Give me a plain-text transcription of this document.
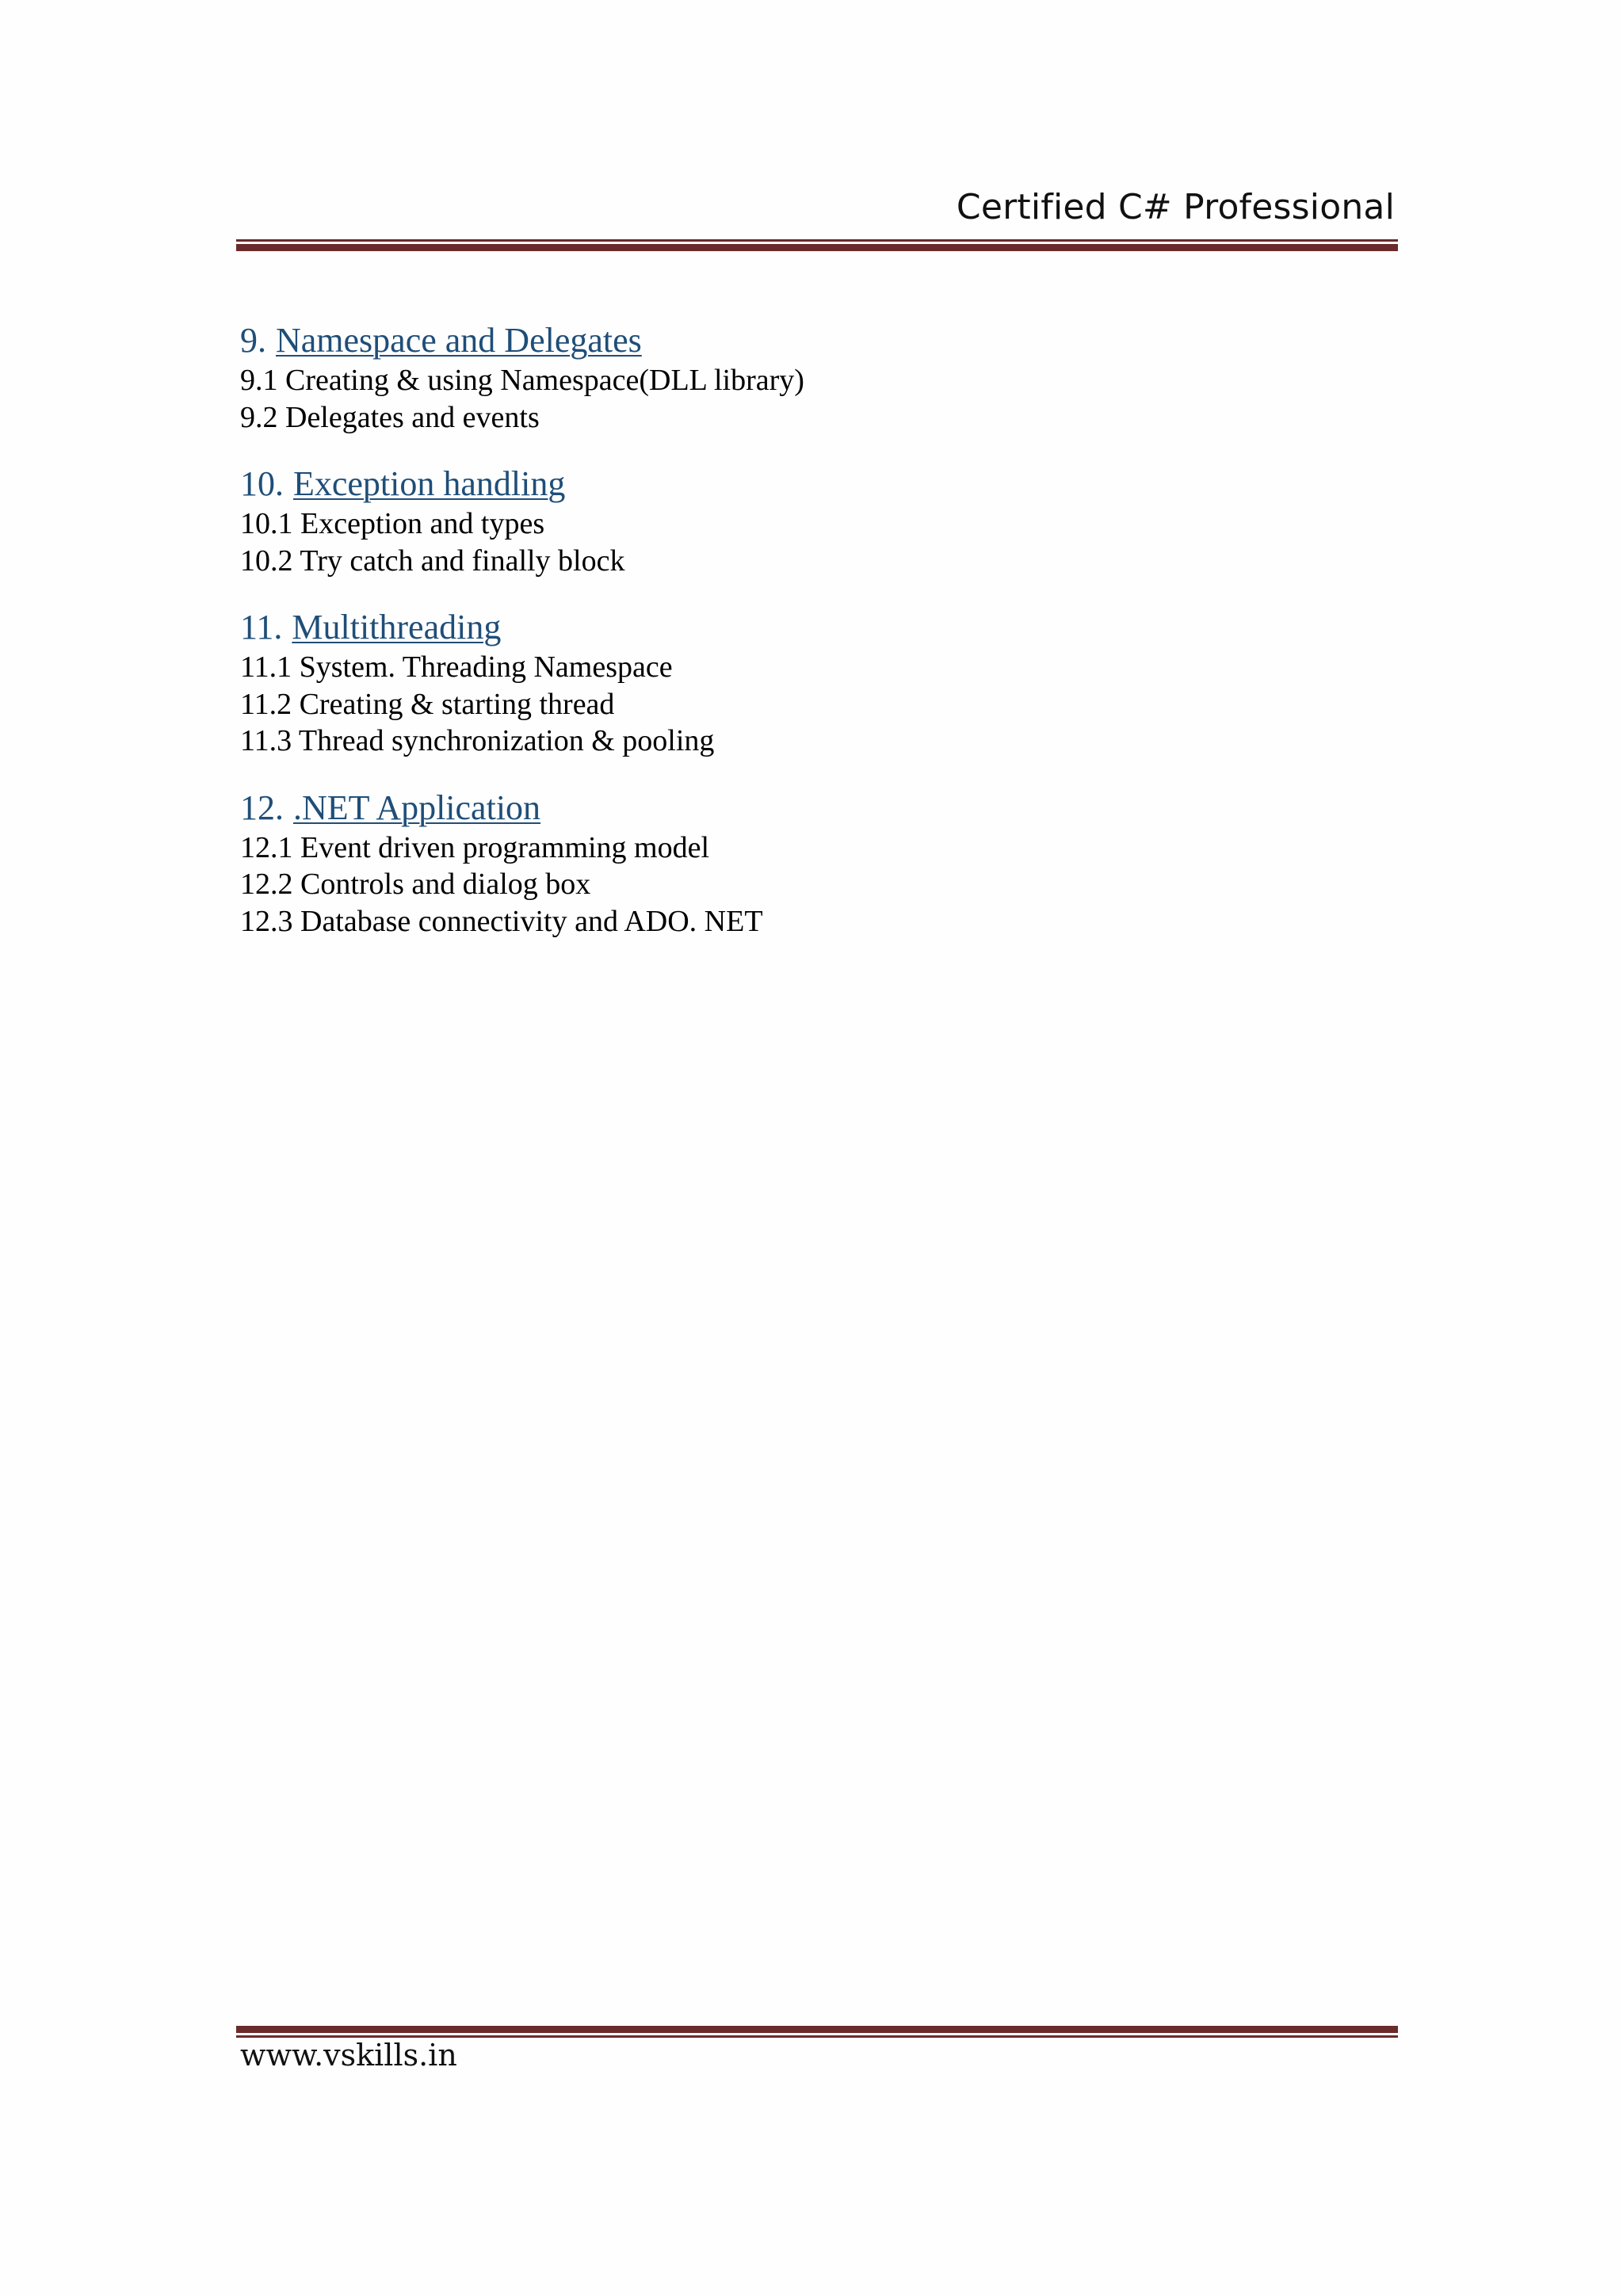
Certified C# Professional
9. Namespace and Delegates
9.1 Creating & using Namespace(DLL library)
9.2 Delegates and events
10. Exception handling
10.1 Exception and types
10.2 Try catch and finally block
11. Multithreading
11.1 System. Threading Namespace
11.2 Creating & starting thread
11.3 Thread synchronization & pooling
12. .NET Application
12.1 Event driven programming model
12.2 Controls and dialog box
12.3 Database connectivity and ADO. NET
www.vskills.in
